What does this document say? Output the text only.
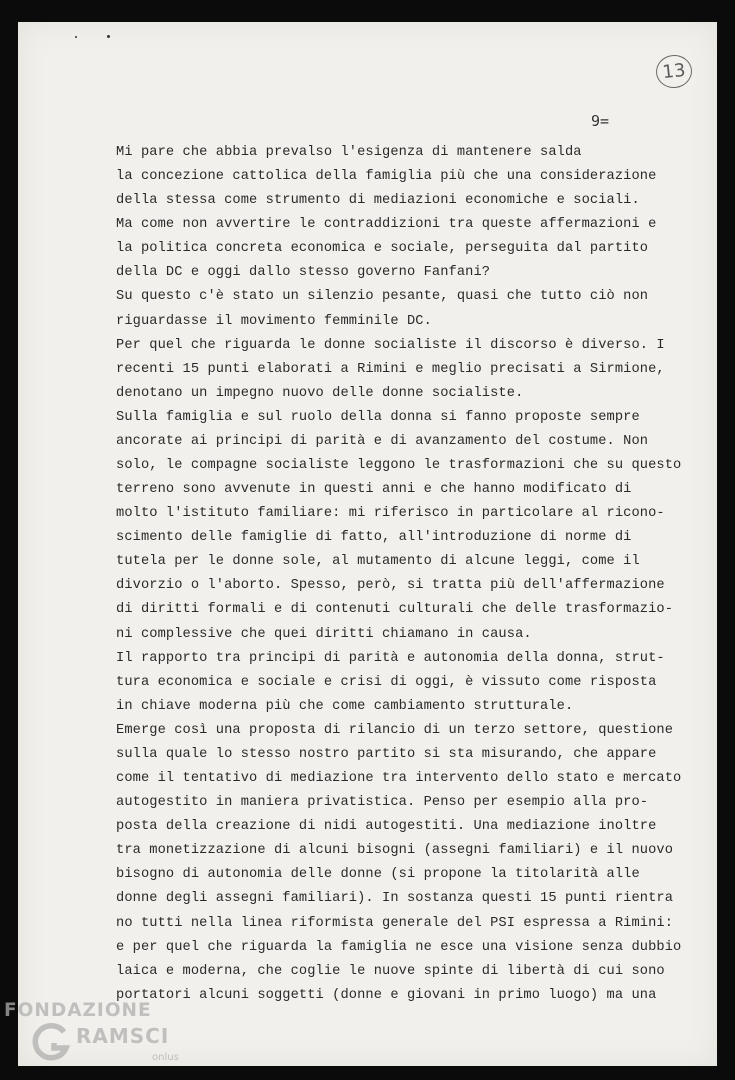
13
9=
Mi pare che abbia prevalso l'esigenza di mantenere salda
la concezione cattolica della famiglia più che una considerazione
della stessa come strumento di mediazioni economiche e sociali.
Ma come non avvertire le contraddizioni tra queste affermazioni e
la politica concreta economica e sociale, perseguita dal partito
della DC e oggi dallo stesso governo Fanfani?
Su questo c'è stato un silenzio pesante, quasi che tutto ciò non
riguardasse il movimento femminile DC.
Per quel che riguarda le donne socialiste il discorso è diverso. I
recenti 15 punti elaborati a Rimini e meglio precisati a Sirmione,
denotano un impegno nuovo delle donne socialiste.
Sulla famiglia e sul ruolo della donna si fanno proposte sempre
ancorate ai principi di parità e di avanzamento del costume. Non
solo, le compagne socialiste leggono le trasformazioni che su questo
terreno sono avvenute in questi anni e che hanno modificato di
molto l'istituto familiare: mi riferisco in particolare al ricono-
scimento delle famiglie di fatto, all'introduzione di norme di
tutela per le donne sole, al mutamento di alcune leggi, come il
divorzio o l'aborto. Spesso, però, si tratta più dell'affermazione
di diritti formali e di contenuti culturali che delle trasformazio-
ni complessive che quei diritti chiamano in causa.
Il rapporto tra principi di parità e autonomia della donna, strut-
tura economica e sociale e crisi di oggi, è vissuto come risposta
in chiave moderna più che come cambiamento strutturale.
Emerge così una proposta di rilancio di un terzo settore, questione
sulla quale lo stesso nostro partito si sta misurando, che appare
come il tentativo di mediazione tra intervento dello stato e mercato
autogestito in maniera privatistica. Penso per esempio alla pro-
posta della creazione di nidi autogestiti. Una mediazione inoltre
tra monetizzazione di alcuni bisogni (assegni familiari) e il nuovo
bisogno di autonomia delle donne (si propone la titolarità alle
donne degli assegni familiari). In sostanza questi 15 punti rientra
no tutti nella linea riformista generale del PSI espressa a Rimini:
e per quel che riguarda la famiglia ne esce una visione senza dubbio
laica e moderna, che coglie le nuove spinte di libertà di cui sono
portatori alcuni soggetti (donne e giovani in primo luogo) ma una
FONDAZIONE
RAMSCI
onlus
